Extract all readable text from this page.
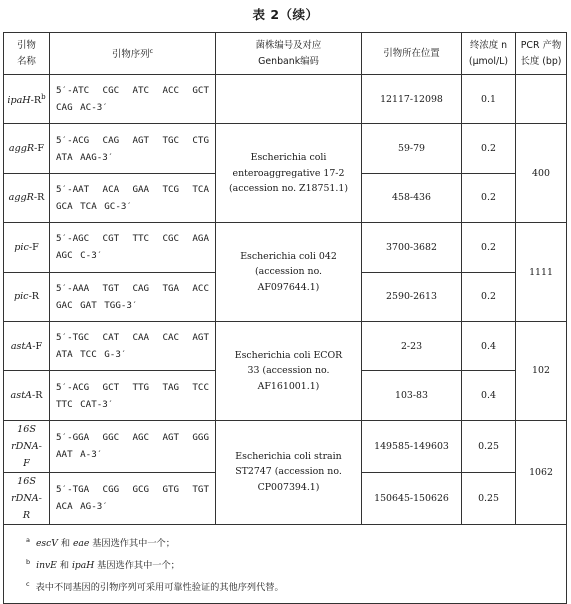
表 2（续）
引物名称	引物序列$^c$	菌株编号及对应Genbank编码	引物所在位置	终浓度 n (μmol/L)	PCR 产物长度 (bp)
ipaH-$R^b$	5′-ATC CGC ATC ACC GCT CAG AC-3′		12117-12098	0.1	
aggR-F	5′-ACG CAG AGT TGC CTG ATA AAG-3′	Escherichia coli enteroaggregative 17-2 (accession no. Z18751.1)	59-79	0.2	400
aggR-R	5′-AAT ACA GAA TCG TCA GCA TCA GC-3′		458-436	0.2	
pic-F	5′-AGC CGT TTC CGC AGA AGC C-3′	Escherichia coli 042 (accession no. AF097644.1)	3700-3682	0.2	1111
pic-R	5′-AAA TGT CAG TGA ACC GAC GAT TGG-3′		2590-2613	0.2	
astA-F	5′-TGC CAT CAA CAC AGT ATA TCC G-3′	Escherichia coli ECOR 33 (accession no. AF161001.1)	2-23	0.4	102
astA-R	5′-ACG GCT TTG TAG TCC TTC CAT-3′		103-83	0.4	
16S rDNA-F	5′-GGA GGC AGC AGT GGG AAT A-3′	Escherichia coli strain ST2747 (accession no. CP007394.1)	149585-149603	0.25	1062
16S rDNA-R	5′-TGA CGG GCG GTG TGT ACA AG-3′		150645-150626	0.25	

$^a$ escV 和 eae 基因选作其中一个；
$^b$ invE 和 ipaH 基因选作其中一个；
$^c$ 表中不同基因的引物序列可采用可靠性验证的其他序列代替。					
